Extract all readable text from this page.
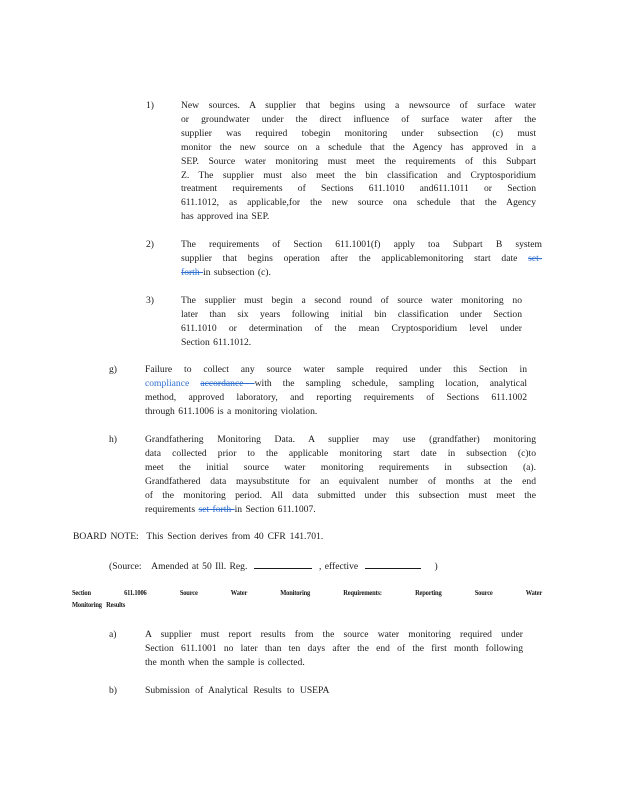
1)	New sources. A supplier that begins using a newsource of surface water
or groundwater under the direct influence of surface water after the
supplier was required tobegin monitoring under subsection (c) must
monitor the new source on a schedule that the Agency has approved in a
SEP. Source water monitoring must meet the requirements of this Subpart
Z. The supplier must also meet the bin classification and Cryptosporidium
treatment requirements of Sections 611.1010 and611.1011 or Section
611.1012, as applicable,for the new source ona schedule that the Agency
has approved ina SEP.
2)	The requirements of Section 611.1001(f) apply toa Subpart B system
supplier that begins operation after the applicablemonitoring start date set-
forth in subsection (c).
3)	The supplier must begin a second round of source water monitoring no
later than six years following initial bin classification under Section
611.1010 or determination of the mean Cryptosporidium level under
Section 611.1012.
g)	Failure to collect any source water sample required under this Section in
compliance accordance with the sampling schedule, sampling location, analytical
method, approved laboratory, and reporting requirements of Sections 611.1002
through 611.1006 is a monitoring violation.
h)	Grandfathering Monitoring Data. A supplier may use (grandfather) monitoring
data collected prior to the applicable monitoring start date in subsection (c)to
meet the initial source water monitoring requirements in subsection (a).
Grandfathered data maysubstitute for an equivalent number of months at the end
of the monitoring period. All data submitted under this subsection must meet the
requirements set forth in Section 611.1007.
BOARD NOTE:  This Section derives from 40 CFR 141.701.
(Source:   Amended at 50 Ill. Reg.	, effective	)
Section   611.1006   Source   Water   Monitoring   Requirements:   Reporting   Source   Water
Monitoring   Results
a)	A supplier must report results from the source water monitoring required under
Section 611.1001 no later than ten days after the end of the first month following
the month when the sample is collected.
b)	Submission of Analytical Results to USEPA
